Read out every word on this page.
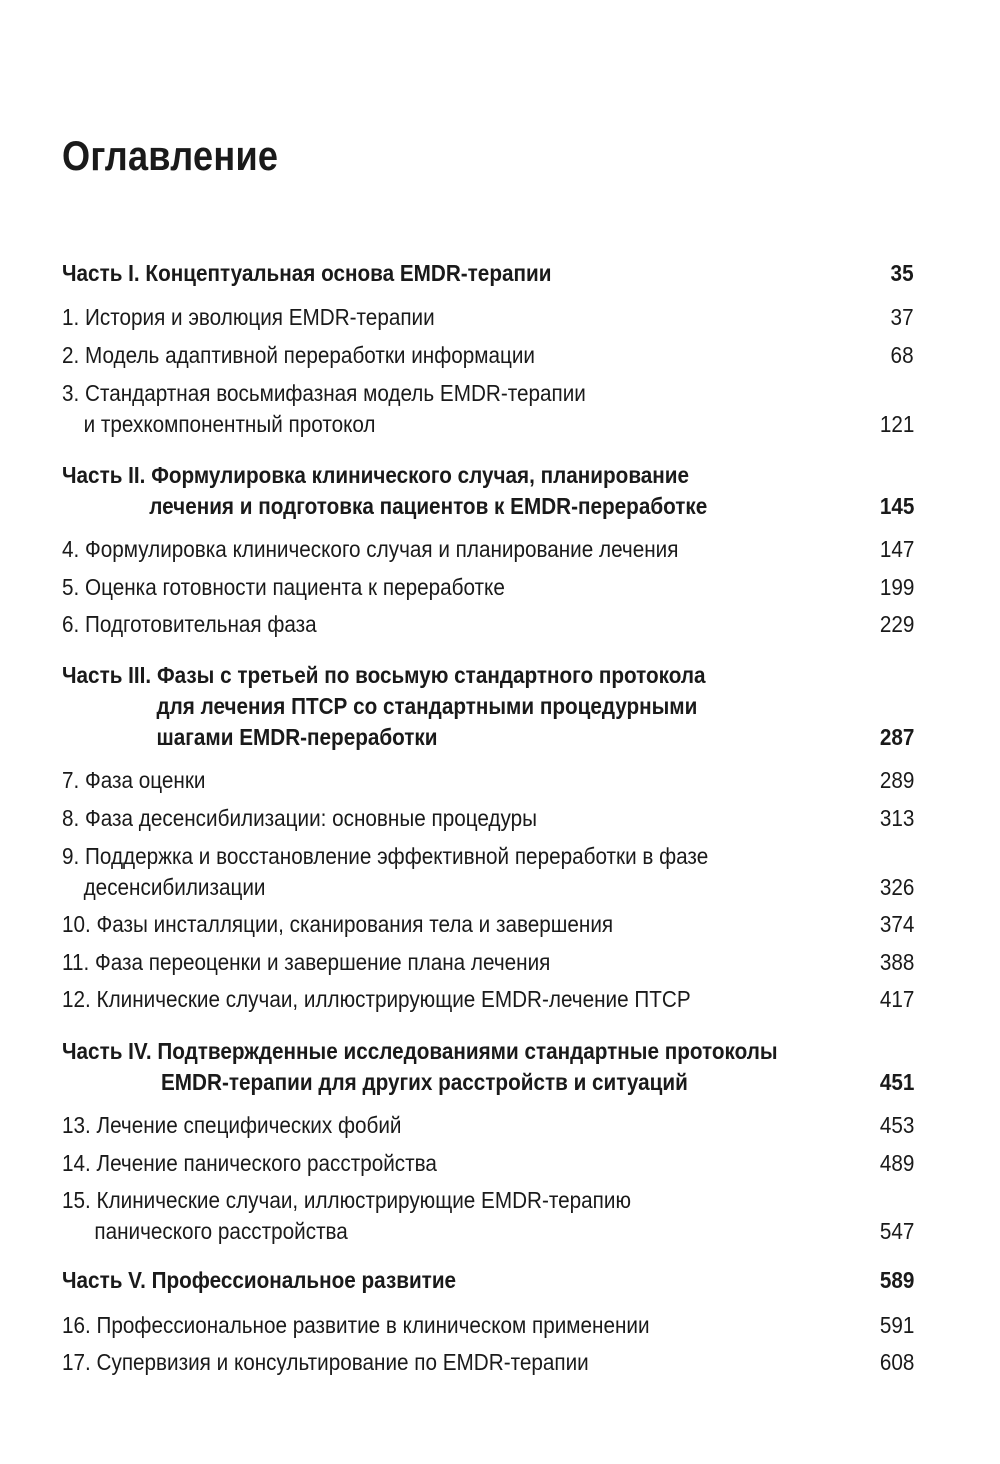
Оглавление
Часть I. Концептуальная основа EMDR-терапии	35
1. История и эволюция EMDR-терапии	37
2. Модель адаптивной переработки информации	68
3. Стандартная восьмифазная модель EMDR-терапии
и трехкомпонентный протокол	121
Часть II. Формулировка клинического случая, планирование
лечения и подготовка пациентов к EMDR-переработке	145
4. Формулировка клинического случая и планирование лечения	147
5. Оценка готовности пациента к переработке	199
6. Подготовительная фаза	229
Часть III. Фазы с третьей по восьмую стандартного протокола
для лечения ПТСР со стандартными процедурными
шагами EMDR-переработки	287
7. Фаза оценки	289
8. Фаза десенсибилизации: основные процедуры	313
9. Поддержка и восстановление эффективной переработки в фазе
десенсибилизации	326
10. Фазы инсталляции, сканирования тела и завершения	374
11. Фаза переоценки и завершение плана лечения	388
12. Клинические случаи, иллюстрирующие EMDR-лечение ПТСР	417
Часть IV. Подтвержденные исследованиями стандартные протоколы
EMDR-терапии для других расстройств и ситуаций	451
13. Лечение специфических фобий	453
14. Лечение панического расстройства	489
15. Клинические случаи, иллюстрирующие EMDR-терапию
панического расстройства	547
Часть V. Профессиональное развитие	589
16. Профессиональное развитие в клиническом применении	591
17. Супервизия и консультирование по EMDR-терапии	608
